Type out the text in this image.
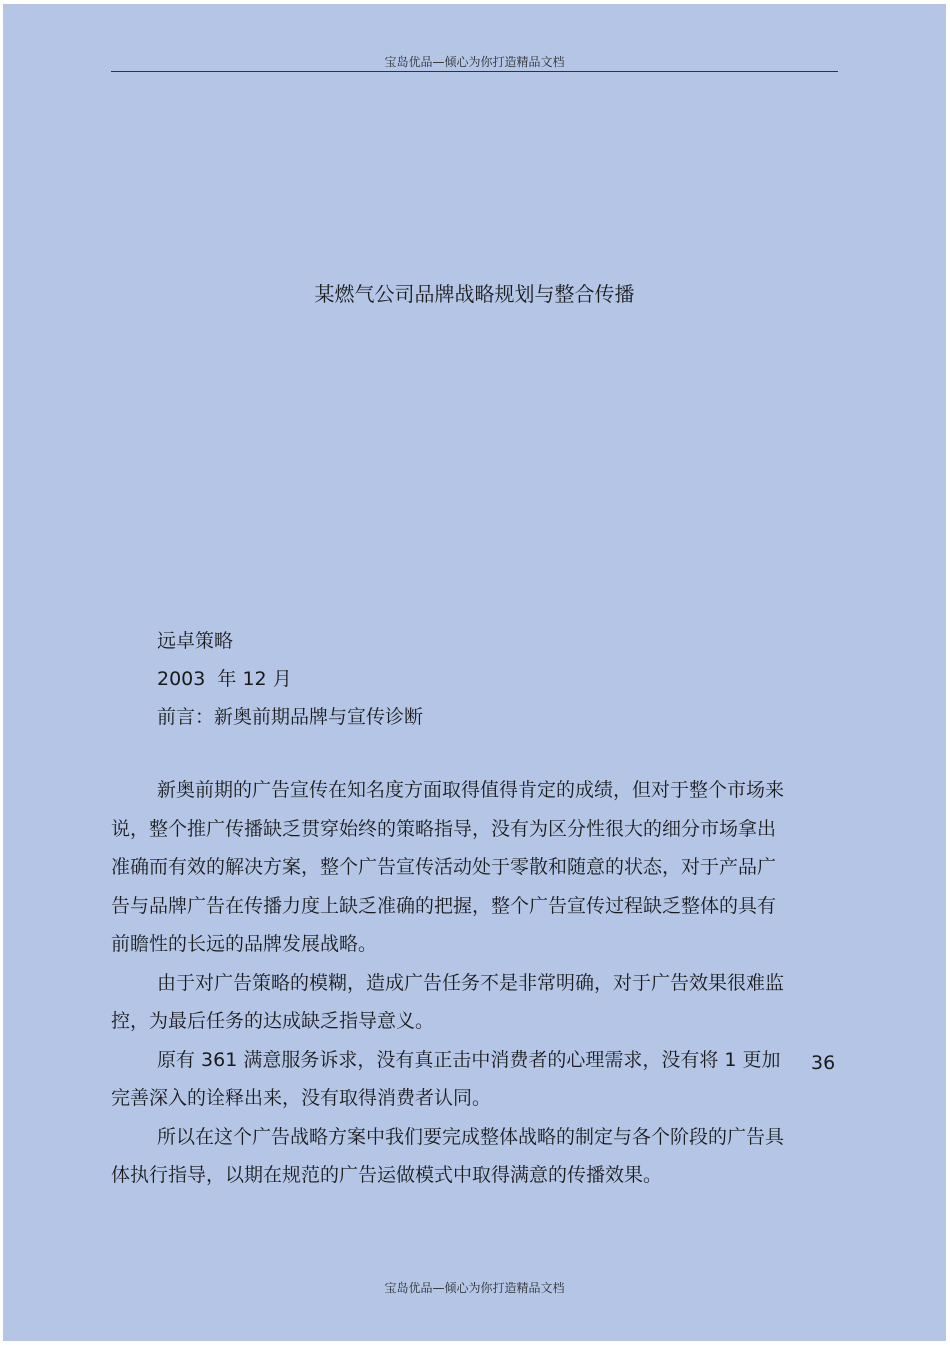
宝岛优品—倾心为你打造精品文档
某燃气公司品牌战略规划与整合传播
远卓策略
2003  年 12 月
前言：新奥前期品牌与宣传诊断

新奥前期的广告宣传在知名度方面取得值得肯定的成绩，但对于整个市场来说，整个推广传播缺乏贯穿始终的策略指导，没有为区分性很大的细分市场拿出准确而有效的解决方案，整个广告宣传活动处于零散和随意的状态，对于产品广告与品牌广告在传播力度上缺乏准确的把握，整个广告宣传过程缺乏整体的具有前瞻性的长远的品牌发展战略。

由于对广告策略的模糊，造成广告任务不是非常明确，对于广告效果很难监控，为最后任务的达成缺乏指导意义。

原有 361 满意服务诉求，没有真正击中消费者的心理需求，没有将 1 更加完善深入的诠释出来，没有取得消费者认同。

所以在这个广告战略方案中我们要完成整体战略的制定与各个阶段的广告具体执行指导，以期在规范的广告运做模式中取得满意的传播效果。

36
宝岛优品—倾心为你打造精品文档
